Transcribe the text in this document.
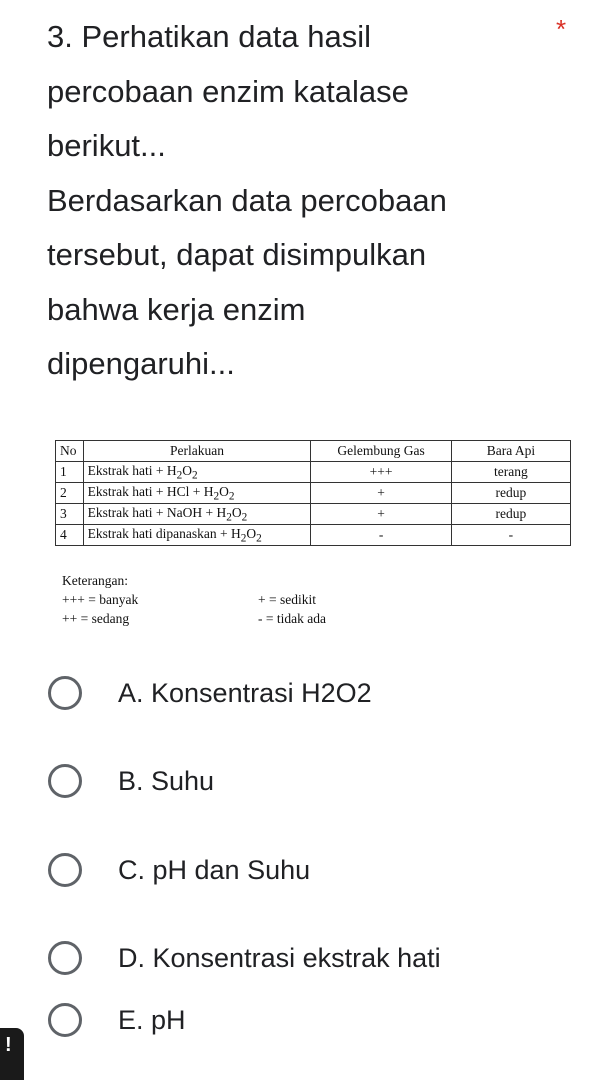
3. Perhatikan data hasil
percobaan enzim katalase
berikut...
Berdasarkan data percobaan
tersebut, dapat disimpulkan
bahwa kerja enzim
dipengaruhi...
*
No	Perlakuan	Gelembung Gas	Bara Api
1	Ekstrak hati + $H_2O_2$	+++	terang
2	Ekstrak hati + HCl + $H_2O_2$	+	redup
3	Ekstrak hati + NaOH + $H_2O_2$	+	redup
4	Ekstrak hati dipanaskan + $H_2O_2$	-	-
Keterangan:
+++ = banyak	+ = sedikit
++ = sedang	- = tidak ada
A. Konsentrasi H2O2
B. Suhu
C. pH dan Suhu
D. Konsentrasi ekstrak hati
E. pH
!
